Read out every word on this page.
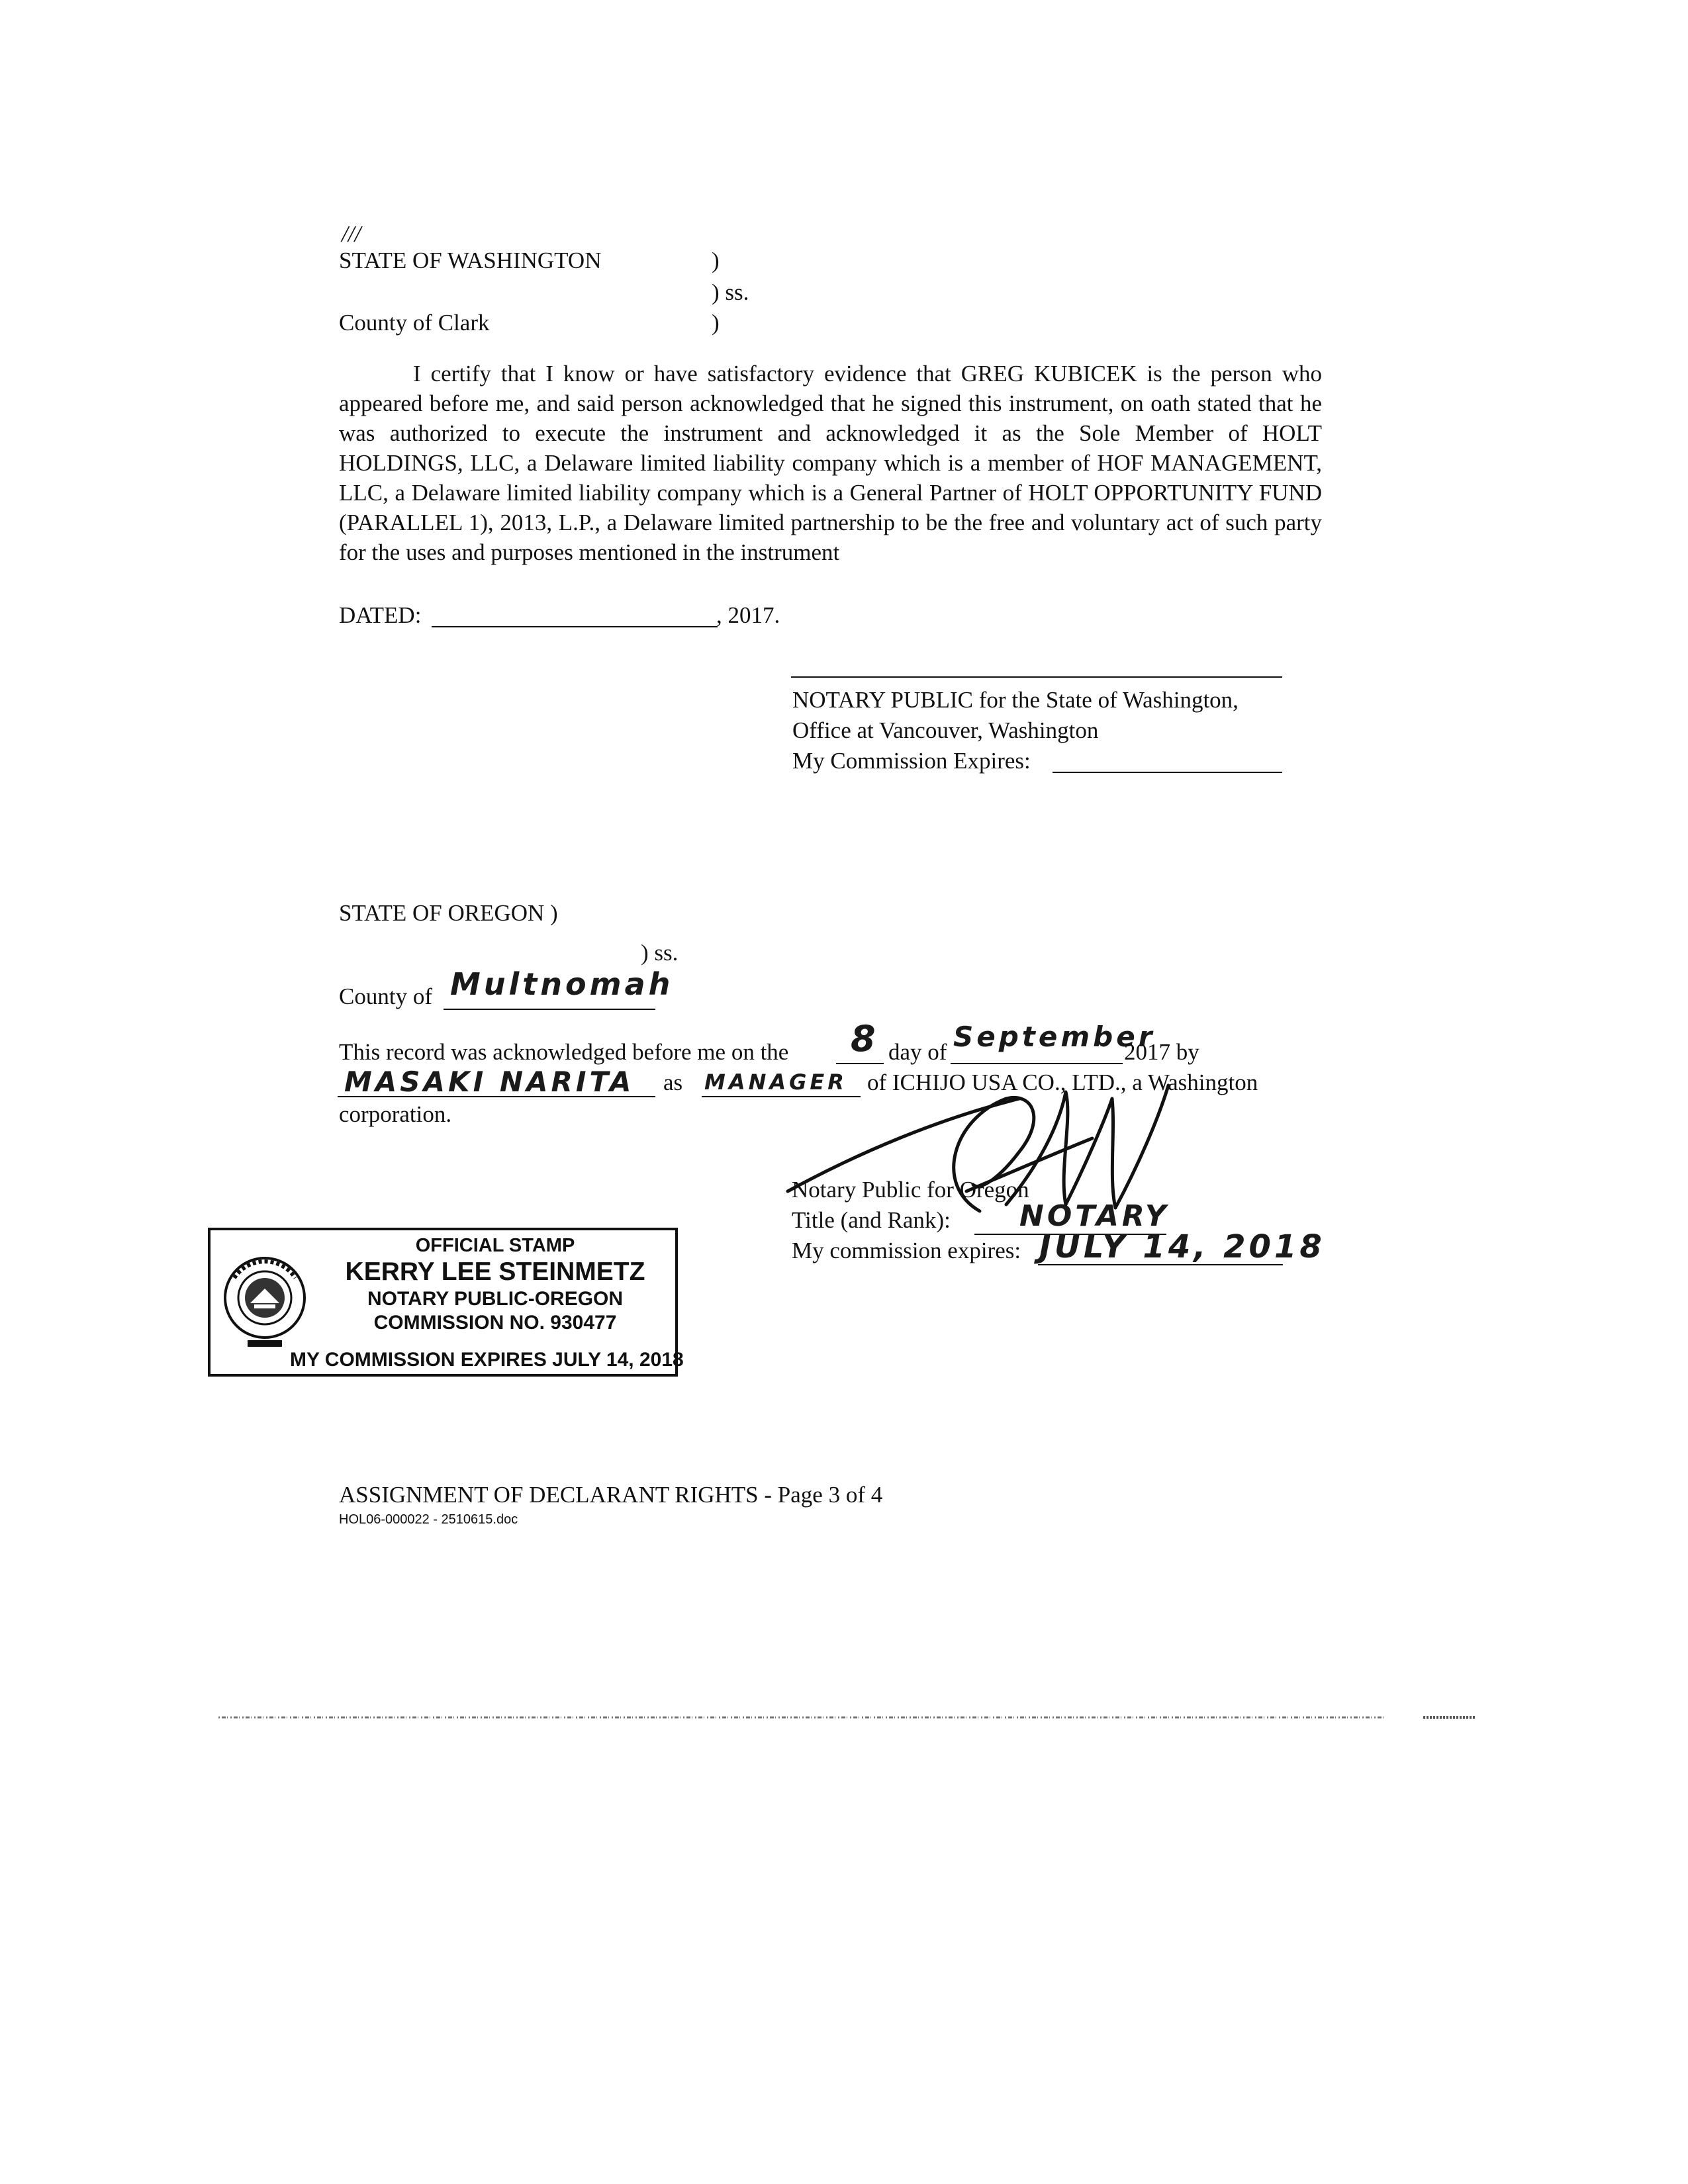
///
STATE OF WASHINGTON	)
) ss.
County of Clark	)
I certify that I know or have satisfactory evidence that GREG KUBICEK is the person who appeared before me, and said person acknowledged that he signed this instrument, on oath stated that he was authorized to execute the instrument and acknowledged it as the Sole Member of HOLT HOLDINGS, LLC, a Delaware limited liability company which is a member of HOF MANAGEMENT, LLC, a Delaware limited liability company which is a General Partner of HOLT OPPORTUNITY FUND (PARALLEL 1), 2013, L.P., a Delaware limited partnership to be the free and voluntary act of such party for the uses and purposes mentioned in the instrument
DATED:	, 2017.
NOTARY PUBLIC for the State of Washington,
Office at Vancouver, Washington
My Commission Expires:
STATE OF OREGON )
) ss.
County of Multnomah
This record was acknowledged before me on the 8 day of September
2017 by
MASAKI NARITA as MANAGER of ICHIJO USA CO., LTD., a Washington
corporation.
Notary Public for Oregon
Title (and Rank): NOTARY
My commission expires: JULY 14, 2018
OFFICIAL STAMP
KERRY LEE STEINMETZ
NOTARY PUBLIC-OREGON
COMMISSION NO. 930477
MY COMMISSION EXPIRES JULY 14, 2018
ASSIGNMENT OF DECLARANT RIGHTS - Page 3 of 4
HOL06-000022 - 2510615.doc
